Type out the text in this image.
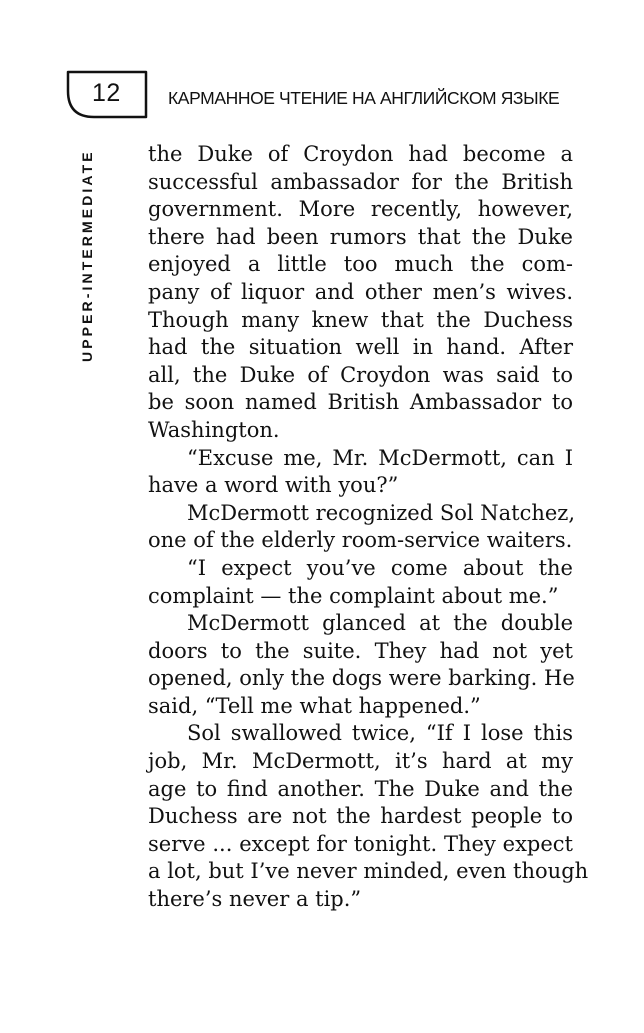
12	КАРМАННОЕ ЧТЕНИЕ НА АНГЛИЙСКОМ ЯЗЫКЕ
UPPER-INTERMEDIATE	the Duke of Croydon had become a
successful ambassador for the British
government. More recently, however,
there had been rumors that the Duke
enjoyed a little too much the com-
pany of liquor and other men’s wives.
Though many knew that the Duchess
had the situation well in hand. After
all, the Duke of Croydon was said to
be soon named British Ambassador to
Washington.
“Excuse me, Mr. McDermott, can I
have a word with you?”
McDermott recognized Sol Natchez,
one of the elderly room-service waiters.
“I expect you’ve come about the
complaint — the complaint about me.”
McDermott glanced at the double
doors to the suite. They had not yet
opened, only the dogs were barking. He
said, “Tell me what happened.”
Sol swallowed twice, “If I lose this
job, Mr. McDermott, it’s hard at my
age to find another. The Duke and the
Duchess are not the hardest people to
serve ... except for tonight. They expect
a lot, but I’ve never minded, even though
there’s never a tip.”
